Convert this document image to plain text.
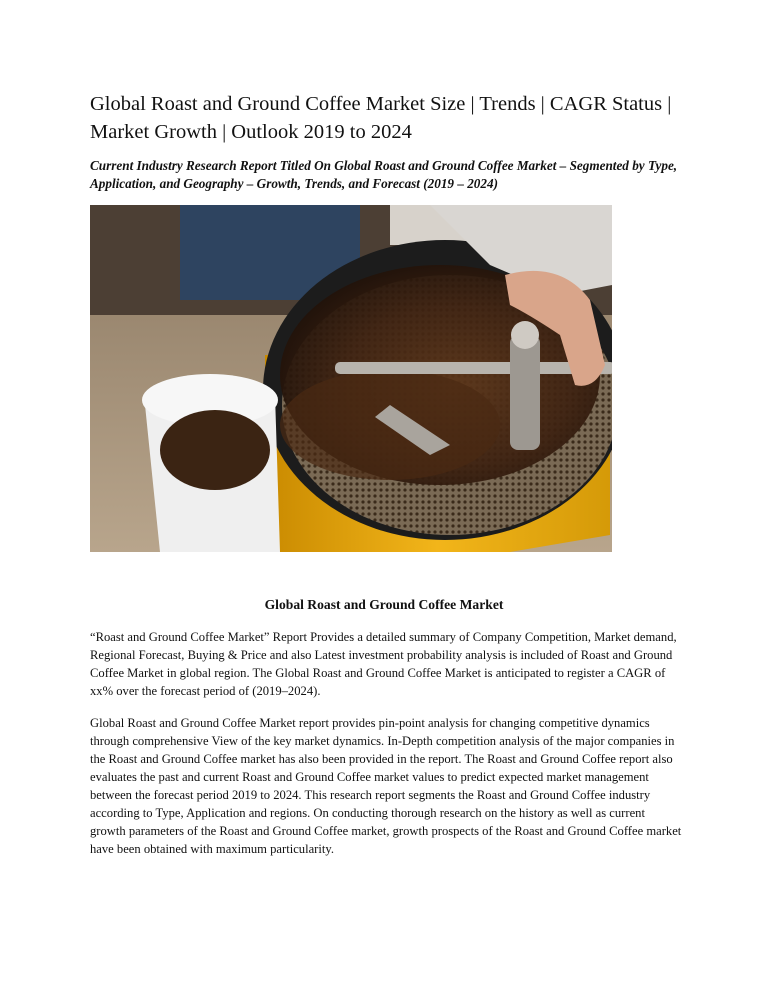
Global Roast and Ground Coffee Market Size | Trends | CAGR Status | Market Growth | Outlook 2019 to 2024

Current Industry Research Report Titled On Global Roast and Ground Coffee Market – Segmented by Type, Application, and Geography – Growth, Trends, and Forecast (2019 – 2024)

Global Roast and Ground Coffee Market

“Roast and Ground Coffee Market” Report Provides a detailed summary of Company Competition, Market demand, Regional Forecast, Buying & Price and also Latest investment probability analysis is included of Roast and Ground Coffee Market in global region. The Global Roast and Ground Coffee Market is anticipated to register a CAGR of xx% over the forecast period of (2019–2024).

Global Roast and Ground Coffee Market report provides pin-point analysis for changing competitive dynamics through comprehensive View of the key market dynamics. In-Depth competition analysis of the major companies in the Roast and Ground Coffee market has also been provided in the report. The Roast and Ground Coffee report also evaluates the past and current Roast and Ground Coffee market values to predict expected market management between the forecast period 2019 to 2024. This research report segments the Roast and Ground Coffee industry according to Type, Application and regions. On conducting thorough research on the history as well as current growth parameters of the Roast and Ground Coffee market, growth prospects of the Roast and Ground Coffee market have been obtained with maximum particularity.
